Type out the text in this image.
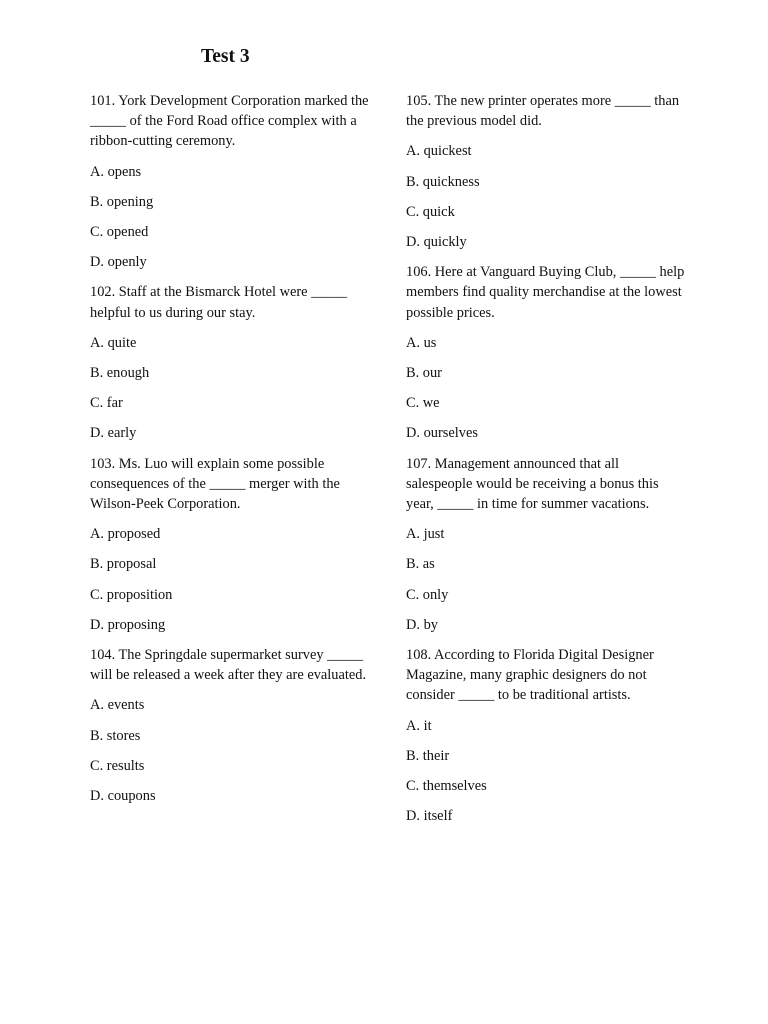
Test 3

101. York Development Corporation marked the _____ of the Ford Road office complex with a ribbon-cutting ceremony.

A. opens

B. opening

C. opened

D. openly

102. Staff at the Bismarck Hotel were _____ helpful to us during our stay.

A. quite

B. enough

C. far

D. early

103. Ms. Luo will explain some possible consequences of the _____ merger with the Wilson-Peek Corporation.

A. proposed

B. proposal

C. proposition

D. proposing

104. The Springdale supermarket survey _____ will be released a week after they are evaluated.

A. events

B. stores

C. results

D. coupons

105. The new printer operates more _____ than the previous model did.

A. quickest

B. quickness

C. quick

D. quickly

106. Here at Vanguard Buying Club, _____ help members find quality merchandise at the lowest possible prices.

A. us

B. our

C. we

D. ourselves

107. Management announced that all salespeople would be receiving a bonus this year, _____ in time for summer vacations.

A. just

B. as

C. only

D. by

108. According to Florida Digital Designer Magazine, many graphic designers do not consider _____ to be traditional artists.

A. it

B. their

C. themselves

D. itself
